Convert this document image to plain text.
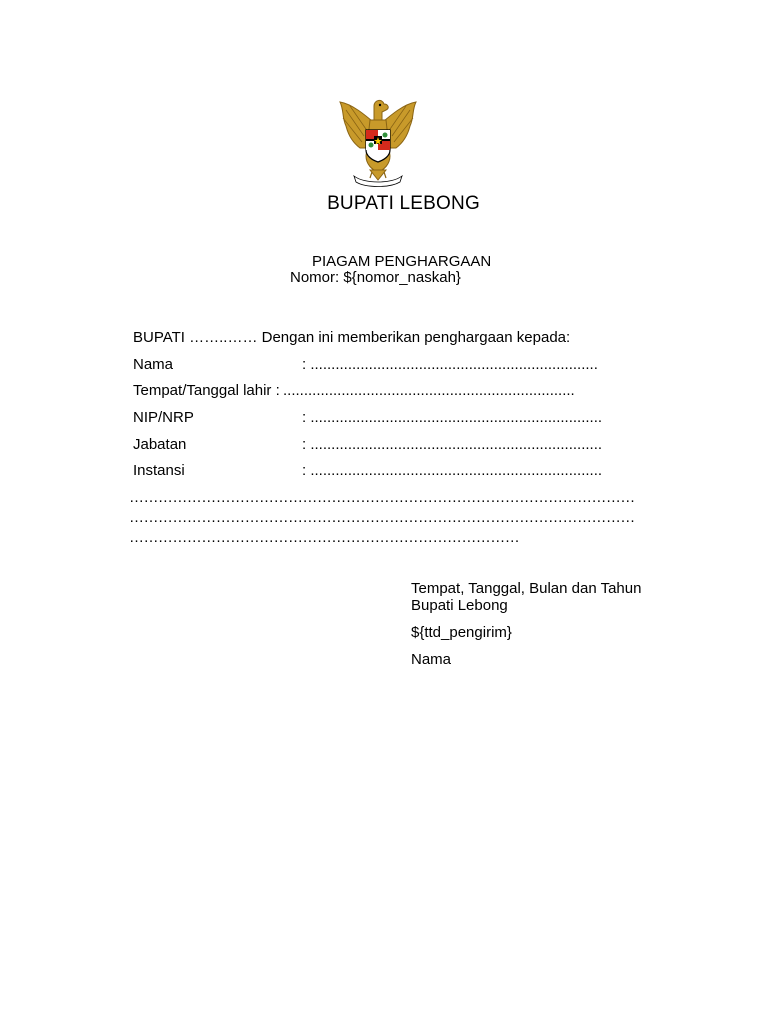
BUPATI LEBONG
PIAGAM PENGHARGAAN
Nomor: ${nomor_naskah}
BUPATI ……..…… Dengan ini memberikan penghargaan kepada:
Nama	: .....................................................................
Tempat/Tanggal lahir : ......................................................................
NIP/NRP	: ......................................................................
Jabatan	: ......................................................................
Instansi	: ......................................................................
……………………………………………………………………………………………
……………………………………………………………………………………………
………………………………………………………………………
Tempat, Tanggal, Bulan dan Tahun
Bupati Lebong
${ttd_pengirim}
Nama
